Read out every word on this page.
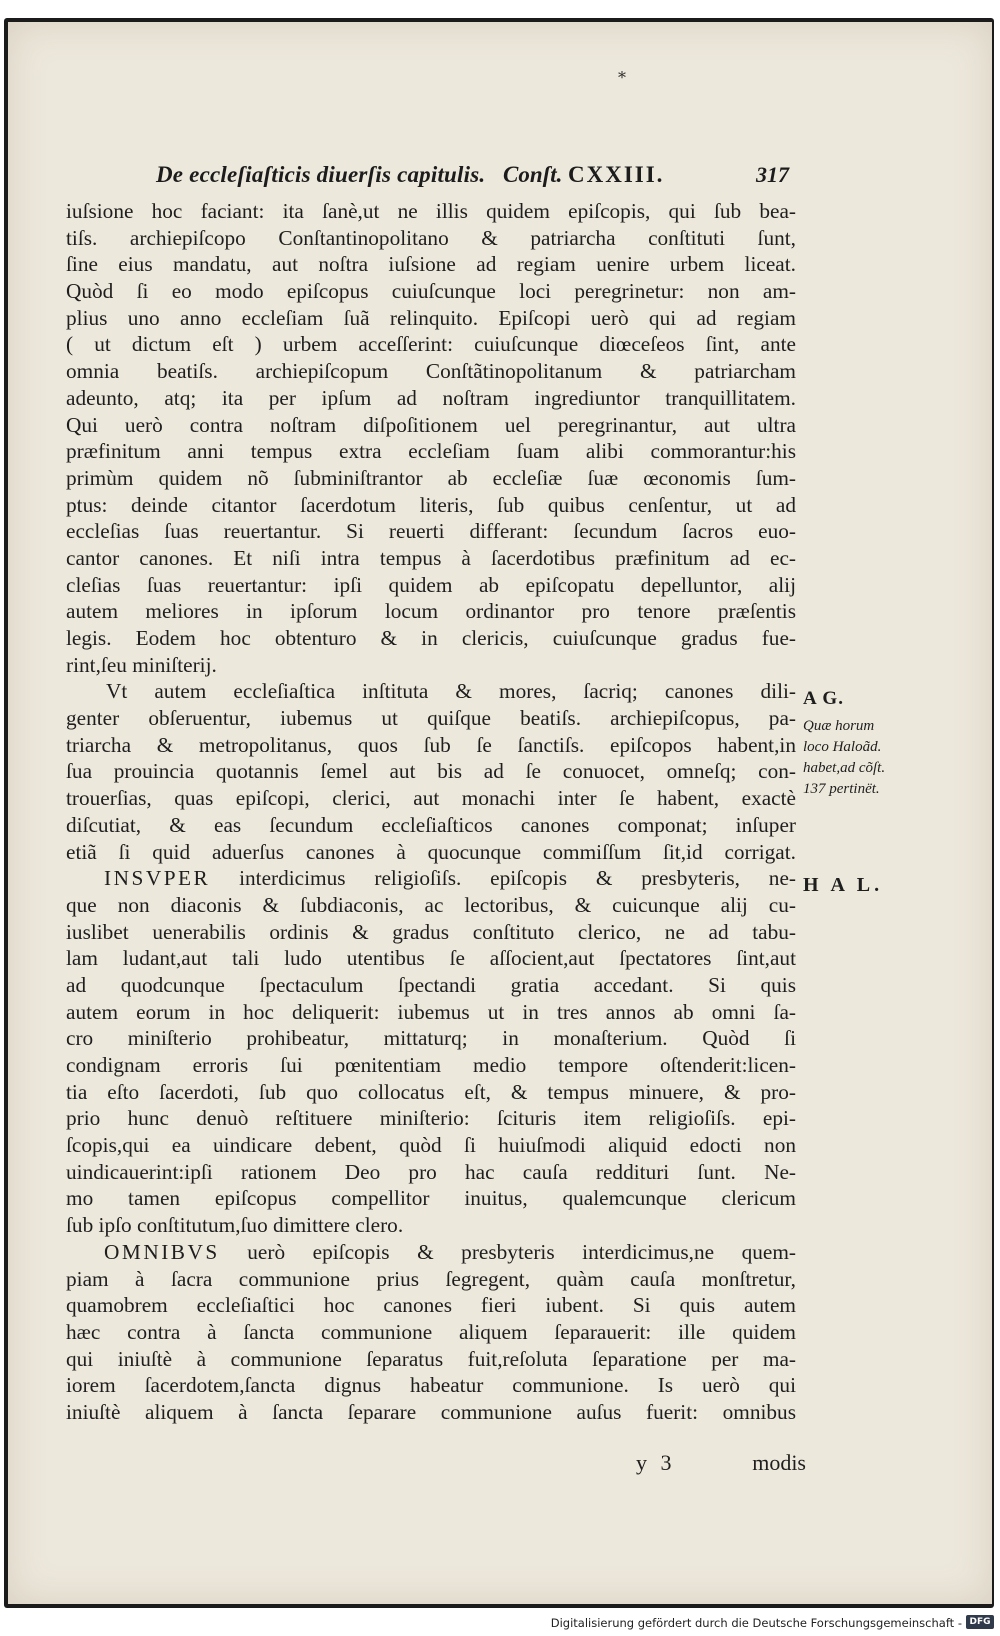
*
De eccleſiaſticis diuerſis capitulis. Conſt. CXXIII.	317
iuſsione hoc faciant: ita ſanè,ut ne illis quidem epiſcopis, qui ſub bea-
tiſs. archiepiſcopo Conſtantinopolitano & patriarcha conſtituti ſunt,
ſine eius mandatu, aut noſtra iuſsione ad regiam uenire urbem liceat.
Quòd ſi eo modo epiſcopus cuiuſcunque loci peregrinetur: non am-
plius uno anno eccleſiam ſuã relinquito. Epiſcopi uerò qui ad regiam
( ut dictum eſt ) urbem acceſſerint: cuiuſcunque diœceſeos ſint, ante
omnia beatiſs. archiepiſcopum Conſtãtinopolitanum & patriarcham
adeunto, atq; ita per ipſum ad noſtram ingrediuntor tranquillitatem.
Qui uerò contra noſtram diſpoſitionem uel peregrinantur, aut ultra
præfinitum anni tempus extra eccleſiam ſuam alibi commorantur:his
primùm quidem nõ ſubminiſtrantor ab eccleſiæ ſuæ œconomis ſum-
ptus: deinde citantor ſacerdotum literis, ſub quibus cenſentur, ut ad
eccleſias ſuas reuertantur. Si reuerti differant: ſecundum ſacros euo-
cantor canones. Et niſi intra tempus à ſacerdotibus præfinitum ad ec-
cleſias ſuas reuertantur: ipſi quidem ab epiſcopatu depelluntor, alij
autem meliores in ipſorum locum ordinantor pro tenore præſentis
legis. Eodem hoc obtenturo & in clericis, cuiuſcunque gradus fue-
rint,ſeu miniſterij.
Vt autem eccleſiaſtica inſtituta & mores, ſacriq; canones dili-
genter obſeruentur, iubemus ut quiſque beatiſs. archiepiſcopus, pa-
triarcha & metropolitanus, quos ſub ſe ſanctiſs. epiſcopos habent,in
ſua prouincia quotannis ſemel aut bis ad ſe conuocet, omneſq; con-
trouerſias, quas epiſcopi, clerici, aut monachi inter ſe habent, exactè
diſcutiat, & eas ſecundum eccleſiaſticos canones componat; inſuper
etiã ſi quid aduerſus canones à quocunque commiſſum ſit,id corrigat.
INSVPER interdicimus religioſiſs. epiſcopis & presbyteris, ne-
que non diaconis & ſubdiaconis, ac lectoribus, & cuicunque alij cu-
iuslibet uenerabilis ordinis & gradus conſtituto clerico, ne ad tabu-
lam ludant,aut tali ludo utentibus ſe aſſocient,aut ſpectatores ſint,aut
ad quodcunque ſpectaculum ſpectandi gratia accedant. Si quis
autem eorum in hoc deliquerit: iubemus ut in tres annos ab omni ſa-
cro miniſterio prohibeatur, mittaturq; in monaſterium. Quòd ſi
condignam erroris ſui pœnitentiam medio tempore oſtenderit:licen-
tia eſto ſacerdoti, ſub quo collocatus eſt, & tempus minuere, & pro-
prio hunc denuò reſtituere miniſterio: ſcituris item religioſiſs. epi-
ſcopis,qui ea uindicare debent, quòd ſi huiuſmodi aliquid edocti non
uindicauerint:ipſi rationem Deo pro hac cauſa reddituri ſunt. Ne-
mo tamen epiſcopus compellitor inuitus, qualemcunque clericum
ſub ipſo conſtitutum,ſuo dimittere clero.
OMNIBVS uerò epiſcopis & presbyteris interdicimus,ne quem-
piam à ſacra communione prius ſegregent, quàm cauſa monſtretur,
quamobrem eccleſiaſtici hoc canones fieri iubent. Si quis autem
hæc contra à ſancta communione aliquem ſeparauerit: ille quidem
qui iniuſtè à communione ſeparatus fuit,reſoluta ſeparatione per ma-
iorem ſacerdotem,ſancta dignus habeatur communione. Is uerò qui
iniuſtè aliquem à ſancta ſeparare communione auſus fuerit: omnibus
A G.
Quæ horum
loco Haloãd.
habet,ad cõſt.
137 pertinët.
H A L.
y 3	modis
Digitalisierung gefördert durch die Deutsche Forschungsgemeinschaft - DFG
